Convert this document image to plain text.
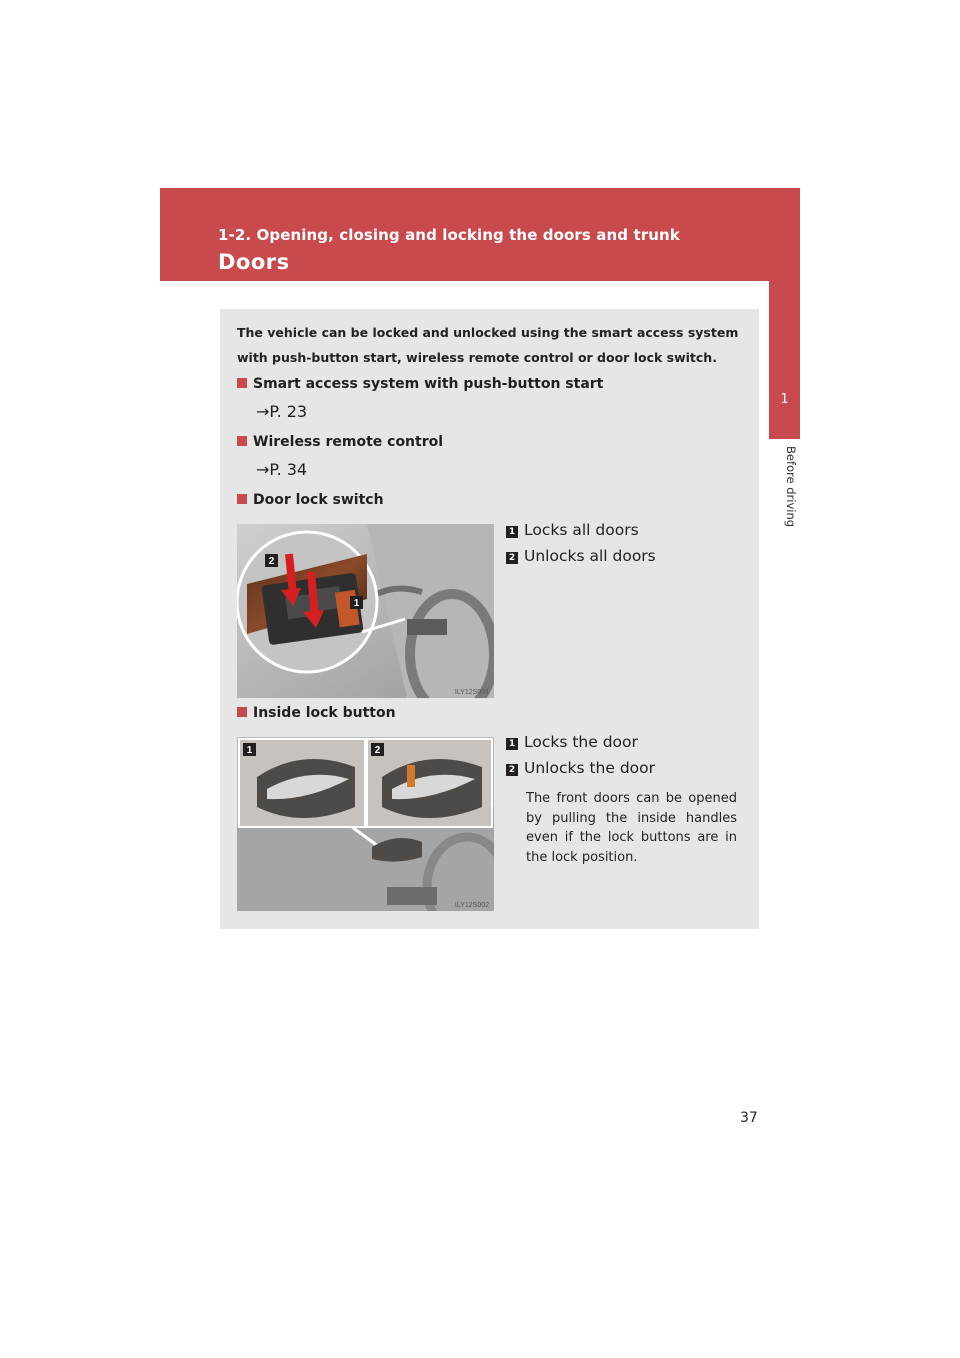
1-2. Opening, closing and locking the doors and trunk
Doors
1
Before driving
The vehicle can be locked and unlocked using the smart access system with push-button start, wireless remote control or door lock switch.
Smart access system with push-button start
→P. 23
Wireless remote control
→P. 34
Door lock switch
2
1
ILY12S001
1 Locks all doors
2 Unlocks all doors
Inside lock button
1	2
ILY12S002
1 Locks the door
2 Unlocks the door
The front doors can be opened by pulling the inside handles even if the lock buttons are in the lock position.
37
